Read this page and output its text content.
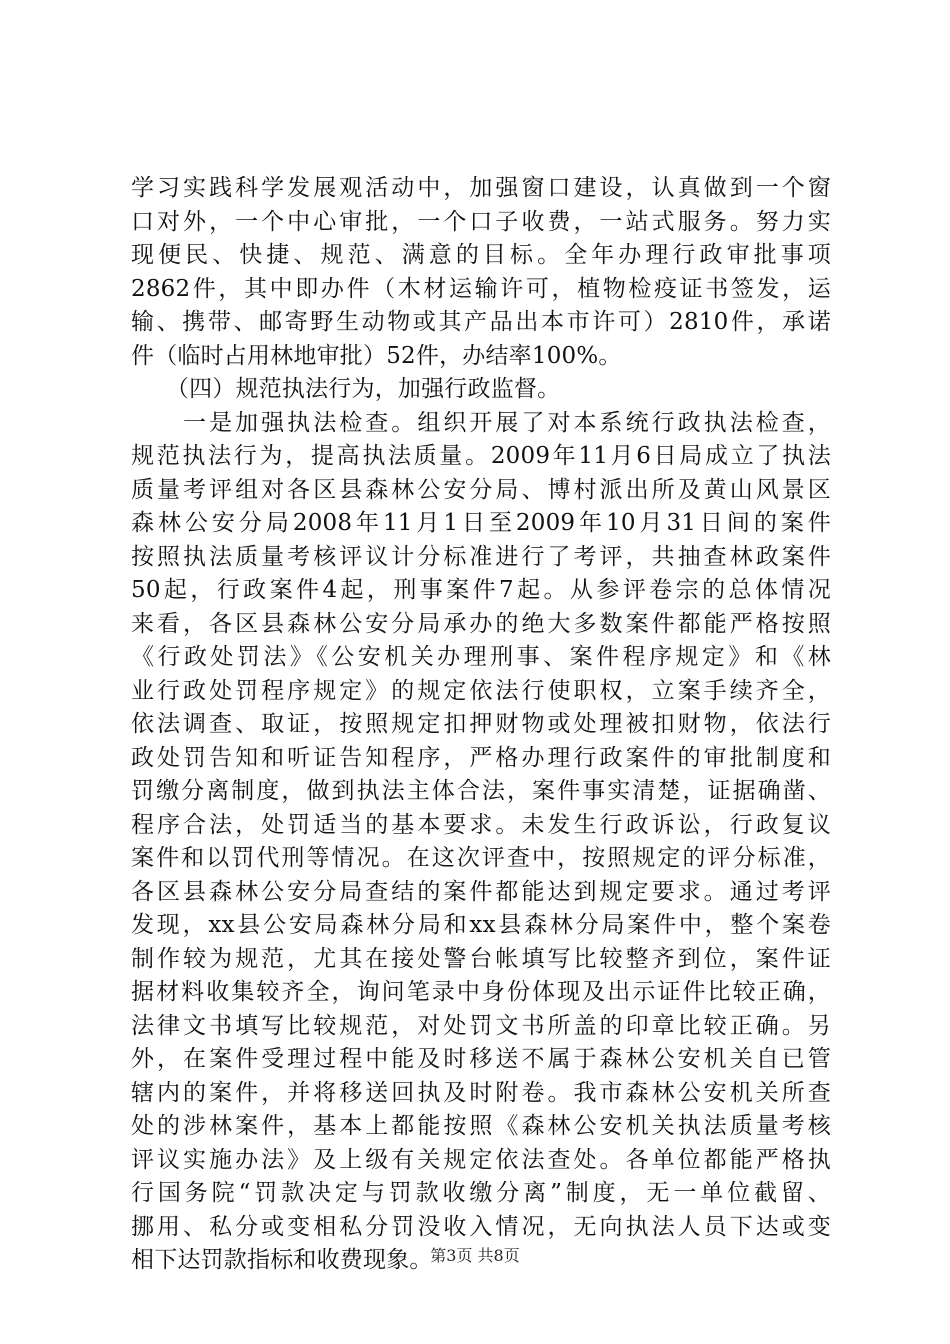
学习实践科学发展观活动中，加强窗口建设，认真做到一个窗
口对外，一个中心审批，一个口子收费，一站式服务。努力实
现便民、快捷、规范、满意的目标。全年办理行政审批事项
2862件，其中即办件（木材运输许可，植物检疫证书签发，运
输、携带、邮寄野生动物或其产品出本市许可）2810件，承诺
件（临时占用林地审批）52件，办结率100%。
　　（四）规范执法行为，加强行政监督。
　　一是加强执法检查。组织开展了对本系统行政执法检查，
规范执法行为，提高执法质量。2009年11月6日局成立了执法
质量考评组对各区县森林公安分局、博村派出所及黄山风景区
森林公安分局2008年11月1日至2009年10月31日间的案件
按照执法质量考核评议计分标准进行了考评，共抽查林政案件
50起，行政案件4起，刑事案件7起。从参评卷宗的总体情况
来看，各区县森林公安分局承办的绝大多数案件都能严格按照
《行政处罚法》《公安机关办理刑事、案件程序规定》和《林
业行政处罚程序规定》的规定依法行使职权，立案手续齐全，
依法调查、取证，按照规定扣押财物或处理被扣财物，依法行
政处罚告知和听证告知程序，严格办理行政案件的审批制度和
罚缴分离制度，做到执法主体合法，案件事实清楚，证据确凿、
程序合法，处罚适当的基本要求。未发生行政诉讼，行政复议
案件和以罚代刑等情况。在这次评查中，按照规定的评分标准，
各区县森林公安分局查结的案件都能达到规定要求。通过考评
发现，xx县公安局森林分局和xx县森林分局案件中，整个案卷
制作较为规范，尤其在接处警台帐填写比较整齐到位，案件证
据材料收集较齐全，询问笔录中身份体现及出示证件比较正确，
法律文书填写比较规范，对处罚文书所盖的印章比较正确。另
外，在案件受理过程中能及时移送不属于森林公安机关自已管
辖内的案件，并将移送回执及时附卷。我市森林公安机关所查
处的涉林案件，基本上都能按照《森林公安机关执法质量考核
评议实施办法》及上级有关规定依法查处。各单位都能严格执
行国务院“罚款决定与罚款收缴分离”制度，无一单位截留、
挪用、私分或变相私分罚没收入情况，无向执法人员下达或变
相下达罚款指标和收费现象。
第3页 共8页
